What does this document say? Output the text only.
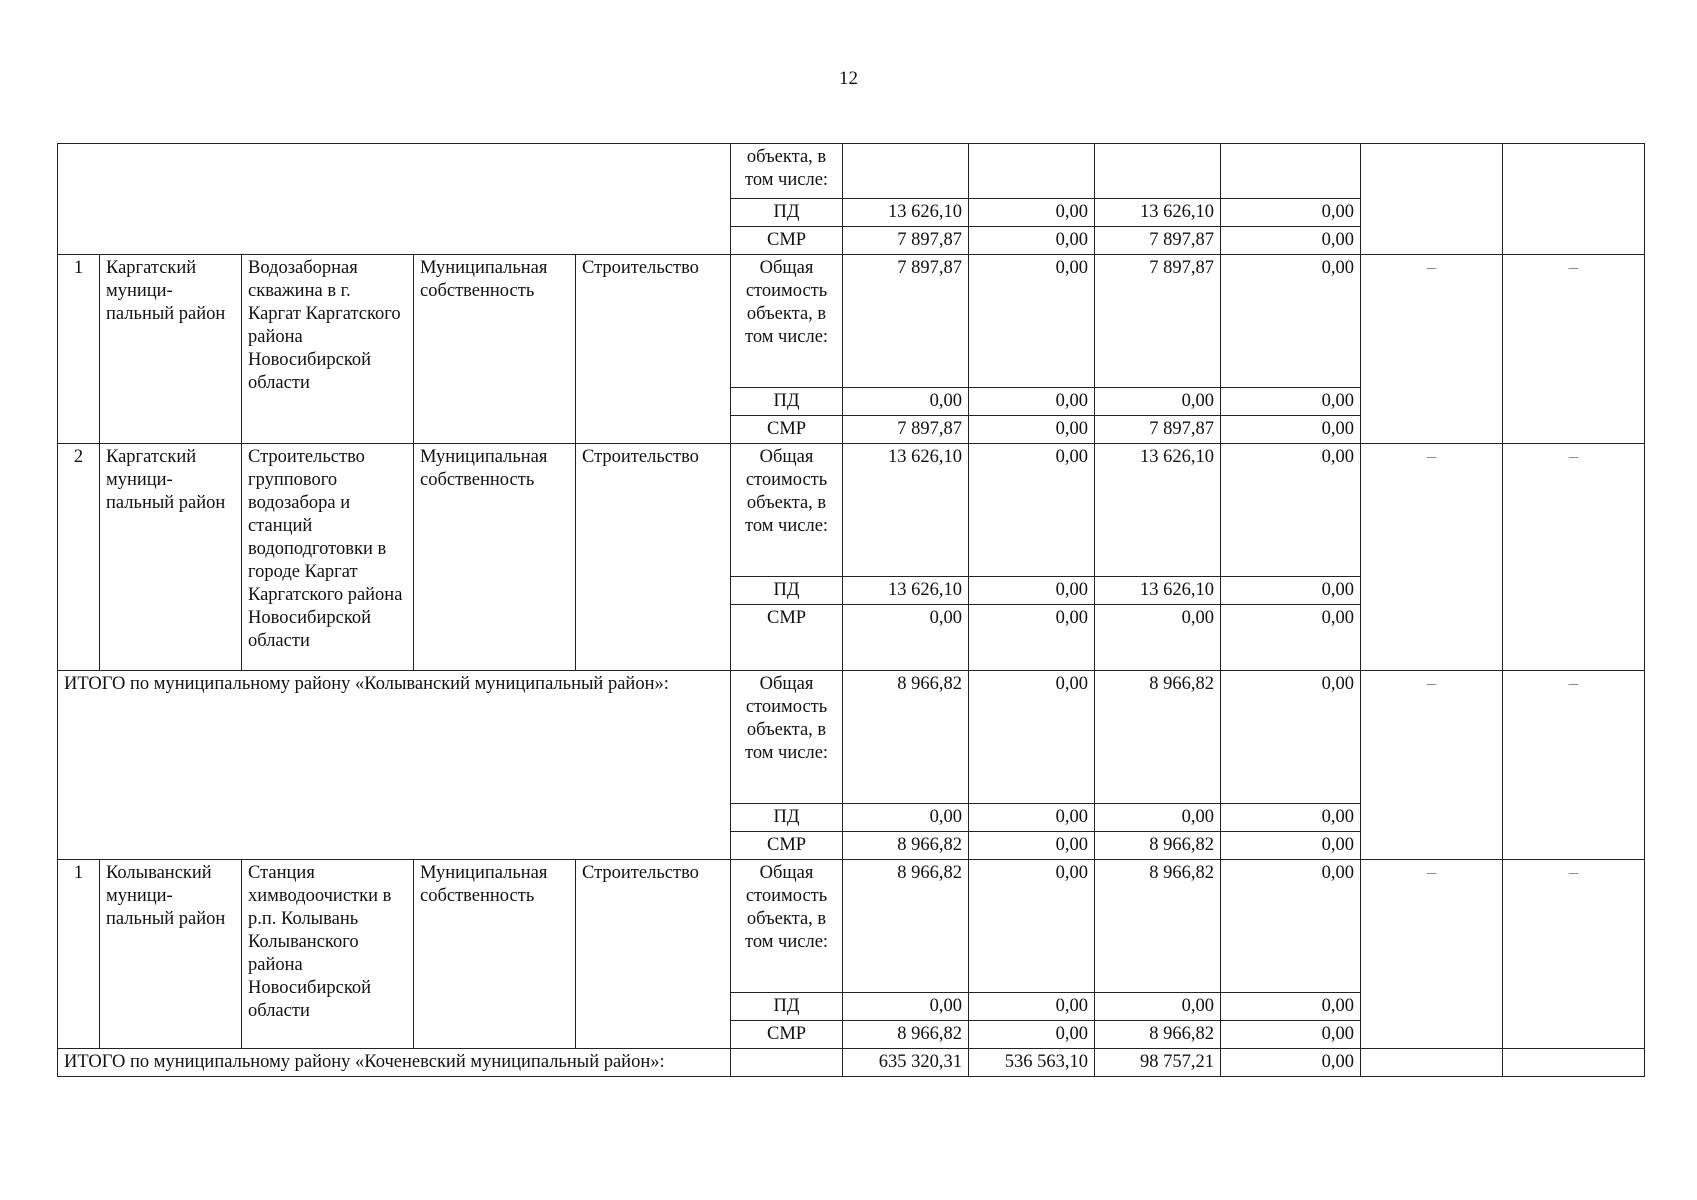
12
					объекта, в том числе:						
					ПД	13 626,10	0,00	13 626,10	0,00		
					СМР	7 897,87	0,00	7 897,87	0,00		
1	Каргатский муници-пальный район	Водозаборная скважина в г. Каргат Каргатского района Новосибирской области	Муниципальная собственность	Строительство	Общая стоимость объекта, в том числе:	7 897,87	0,00	7 897,87	0,00	–	–
					ПД	0,00	0,00	0,00	0,00		
					СМР	7 897,87	0,00	7 897,87	0,00		
2	Каргатский муници-пальный район	Строительство группового водозабора и станций водоподготовки в городе Каргат Каргатского района Новосибирской области	Муниципальная собственность	Строительство	Общая стоимость объекта, в том числе:	13 626,10	0,00	13 626,10	0,00	–	–
					ПД	13 626,10	0,00	13 626,10	0,00		
					СМР	0,00	0,00	0,00	0,00		
ИТОГО по муниципальному району «Колыванский муниципальный район»:					Общая стоимость объекта, в том числе:	8 966,82	0,00	8 966,82	0,00	–	–
					ПД	0,00	0,00	0,00	0,00		
					СМР	8 966,82	0,00	8 966,82	0,00		
1	Колыванский муници-пальный район	Станция химводоочистки в р.п. Колывань Колыванского района Новосибирской области	Муниципальная собственность	Строительство	Общая стоимость объекта, в том числе:	8 966,82	0,00	8 966,82	0,00	–	–
					ПД	0,00	0,00	0,00	0,00		
					СМР	8 966,82	0,00	8 966,82	0,00		
ИТОГО по муниципальному району «Коченевский муниципальный район»:						635 320,31	536 563,10	98 757,21	0,00		
